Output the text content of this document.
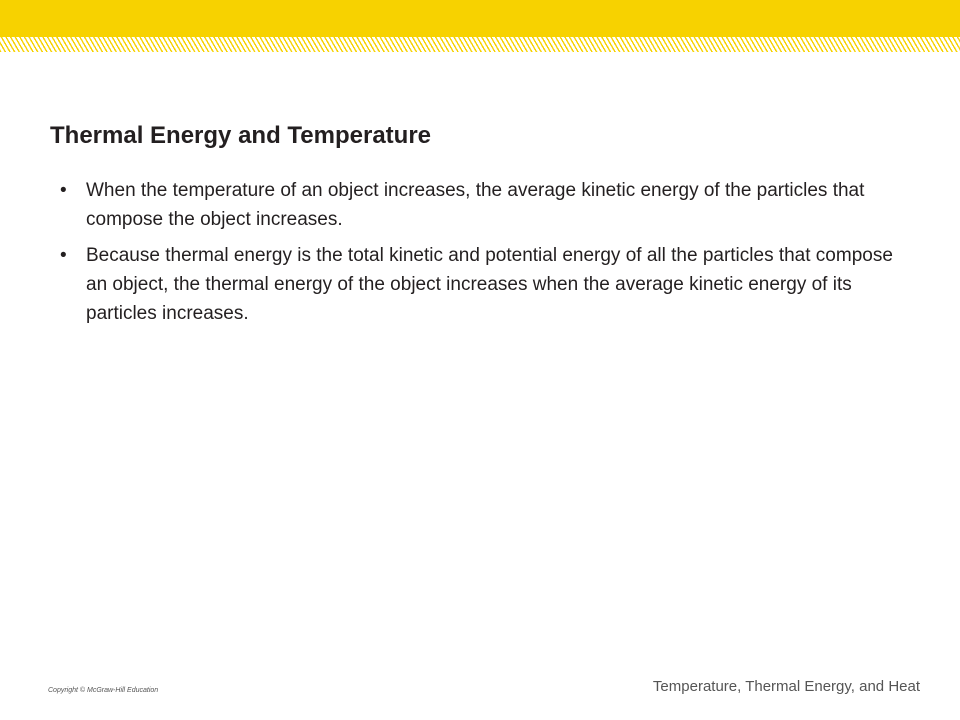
Thermal Energy and Temperature
• When the temperature of an object increases, the average kinetic energy of the particles that compose the object increases.
• Because thermal energy is the total kinetic and potential energy of all the particles that compose an object, the thermal energy of the object increases when the average kinetic energy of its particles increases.
Copyright © McGraw-Hill Education	Temperature, Thermal Energy, and Heat
